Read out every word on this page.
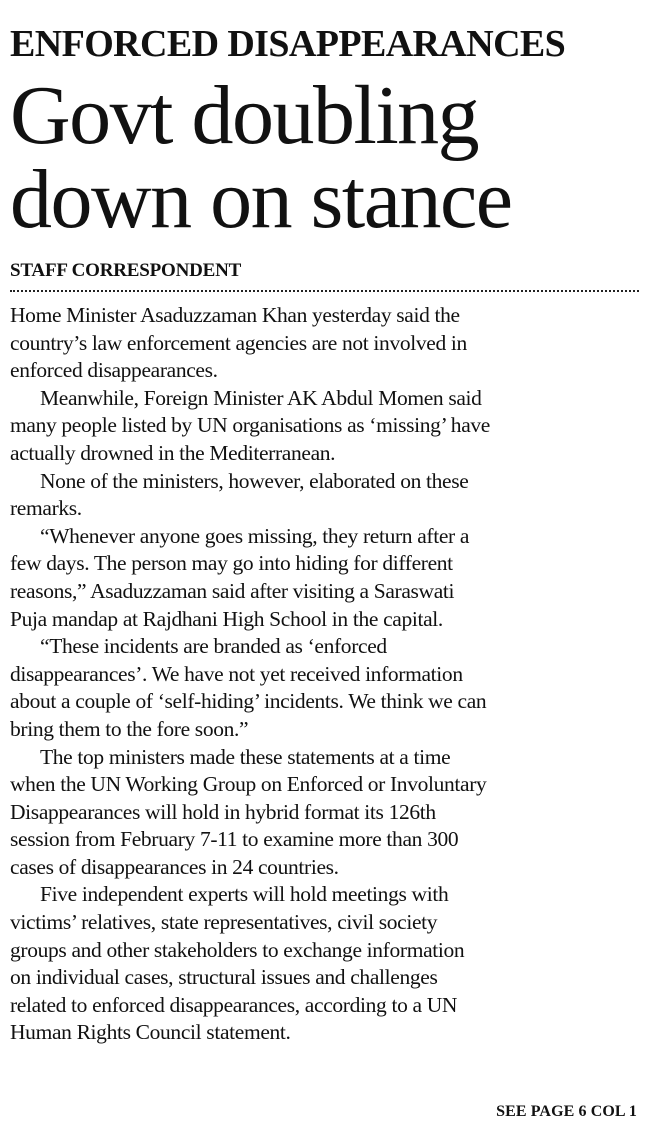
ENFORCED DISAPPEARANCES
Govt doubling
down on stance
STAFF CORRESPONDENT

Home Minister Asaduzzaman Khan yesterday said the
country’s law enforcement agencies are not involved in
enforced disappearances.

Meanwhile, Foreign Minister AK Abdul Momen said
many people listed by UN organisations as ‘missing’ have
actually drowned in the Mediterranean.

None of the ministers, however, elaborated on these
remarks.

“Whenever anyone goes missing, they return after a
few days. The person may go into hiding for different
reasons,” Asaduzzaman said after visiting a Saraswati
Puja mandap at Rajdhani High School in the capital.

“These incidents are branded as ‘enforced
disappearances’. We have not yet received information
about a couple of ‘self-hiding’ incidents. We think we can
bring them to the fore soon.”

The top ministers made these statements at a time
when the UN Working Group on Enforced or Involuntary
Disappearances will hold in hybrid format its 126th
session from February 7-11 to examine more than 300
cases of disappearances in 24 countries.

Five independent experts will hold meetings with
victims’ relatives, state representatives, civil society
groups and other stakeholders to exchange information
on individual cases, structural issues and challenges
related to enforced disappearances, according to a UN
Human Rights Council statement.

SEE PAGE 6 COL 1
